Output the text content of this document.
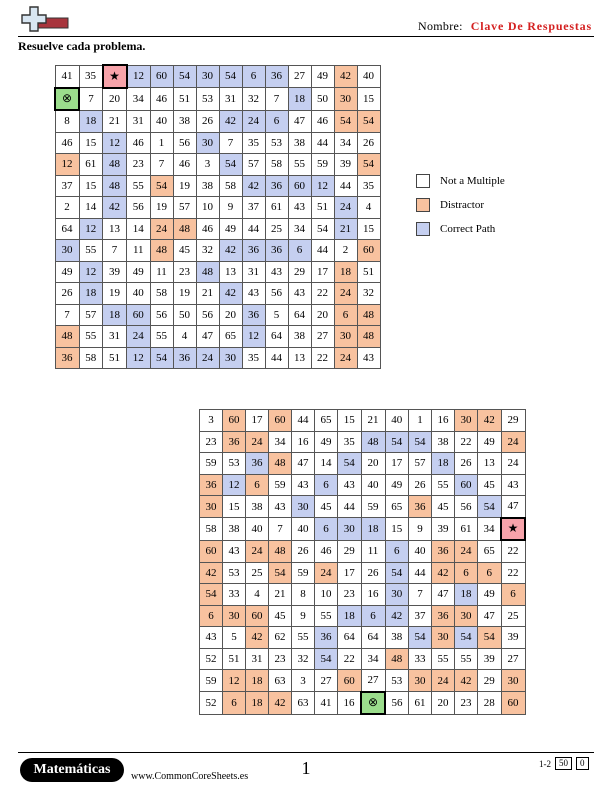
Nombre: Clave De Respuestas
Resuelve cada problema.
41	35	★	12	60	54	30	54	6	36	27	49	42	40
⊗	7	20	34	46	51	53	31	32	7	18	50	30	15
8	18	21	31	40	38	26	42	24	6	47	46	54	54
46	15	12	46	1	56	30	7	35	53	38	44	34	26
12	61	48	23	7	46	3	54	57	58	55	59	39	54
37	15	48	55	54	19	38	58	42	36	60	12	44	35
2	14	42	56	19	57	10	9	37	61	43	51	24	4
64	12	13	14	24	48	46	49	44	25	34	54	21	15
30	55	7	11	48	45	32	42	36	36	6	44	2	60
49	12	39	49	11	23	48	13	31	43	29	17	18	51
26	18	19	40	58	19	21	42	43	56	43	22	24	32
7	57	18	60	56	50	56	20	36	5	64	20	6	48
48	55	31	24	55	4	47	65	12	64	38	27	30	48
36	58	51	12	54	36	24	30	35	44	13	22	24	43
Not a Multiple
Distractor
Correct Path
3	60	17	60	44	65	15	21	40	1	16	30	42	29
23	36	24	34	16	49	35	48	54	54	38	22	49	24
59	53	36	48	47	14	54	20	17	57	18	26	13	24
36	12	6	59	43	6	43	40	49	26	55	60	45	43
30	15	38	43	30	45	44	59	65	36	45	56	54	47
58	38	40	7	40	6	30	18	15	9	39	61	34	★
60	43	24	48	26	46	29	11	6	40	36	24	65	22
42	53	25	54	59	24	17	26	54	44	42	6	6	22
54	33	4	21	8	10	23	16	30	7	47	18	49	6
6	30	60	45	9	55	18	6	42	37	36	30	47	25
43	5	42	62	55	36	64	64	38	54	30	54	54	39
52	51	31	23	32	54	22	34	48	33	55	55	39	27
59	12	18	63	3	27	60	27	53	30	24	42	29	30
52	6	18	42	63	41	16	⊗	56	61	20	23	28	60
Matemáticas	www.CommonCoreSheets.es	1	1-2 50	0
